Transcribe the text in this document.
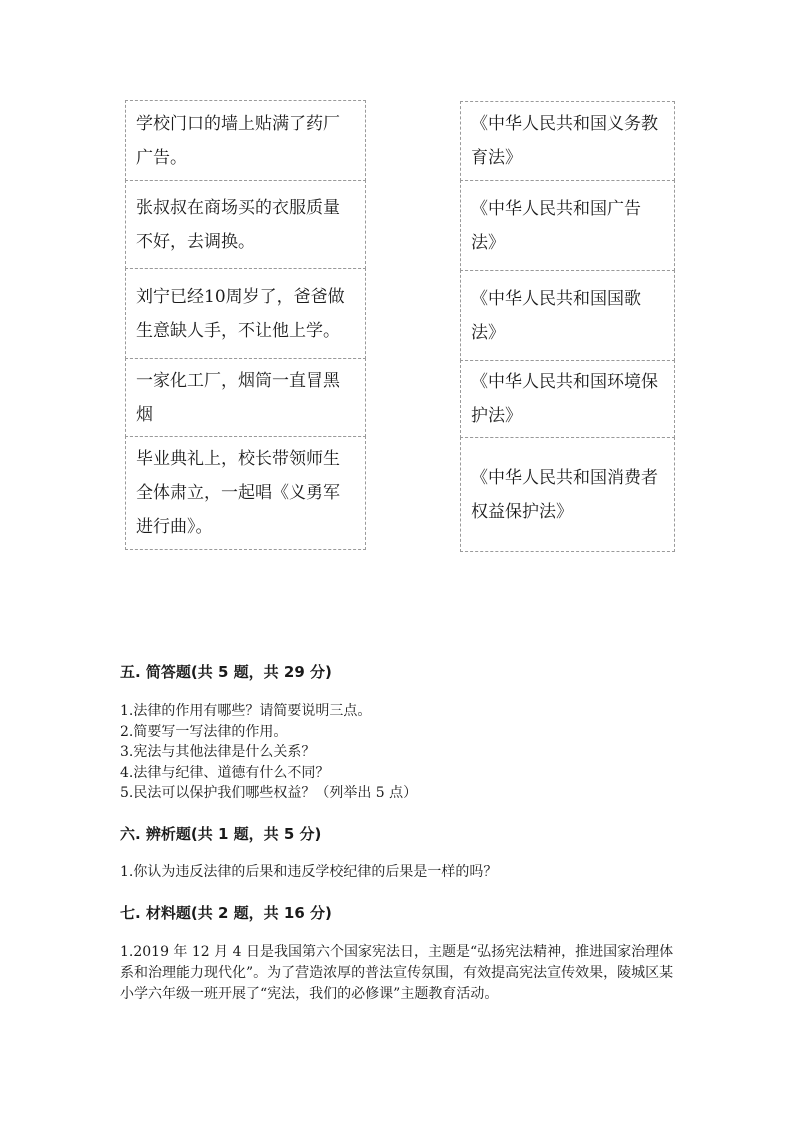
学校门口的墙上贴满了药厂广告。
张叔叔在商场买的衣服质量不好，去调换。
刘宁已经10周岁了，爸爸做生意缺人手，不让他上学。
一家化工厂，烟筒一直冒黑烟
毕业典礼上，校长带领师生全体肃立，一起唱《义勇军进行曲》。
《中华人民共和国义务教育法》
《中华人民共和国广告法》
《中华人民共和国国歌法》
《中华人民共和国环境保护法》
《中华人民共和国消费者权益保护法》
五. 简答题(共 5 题，共 29 分)
1.法律的作用有哪些？请简要说明三点。
2.简要写一写法律的作用。
3.宪法与其他法律是什么关系？
4.法律与纪律、道德有什么不同？
5.民法可以保护我们哪些权益？（列举出 5 点）
六. 辨析题(共 1 题，共 5 分)
1.你认为违反法律的后果和违反学校纪律的后果是一样的吗？
七. 材料题(共 2 题，共 16 分)

1.2019 年 12 月 4 日是我国第六个国家宪法日，主题是“弘扬宪法精神，推进国家治理体系和治理能力现代化”。为了营造浓厚的普法宣传氛围，有效提高宪法宣传效果，陵城区某小学六年级一班开展了“宪法，我们的必修课”主题教育活动。
